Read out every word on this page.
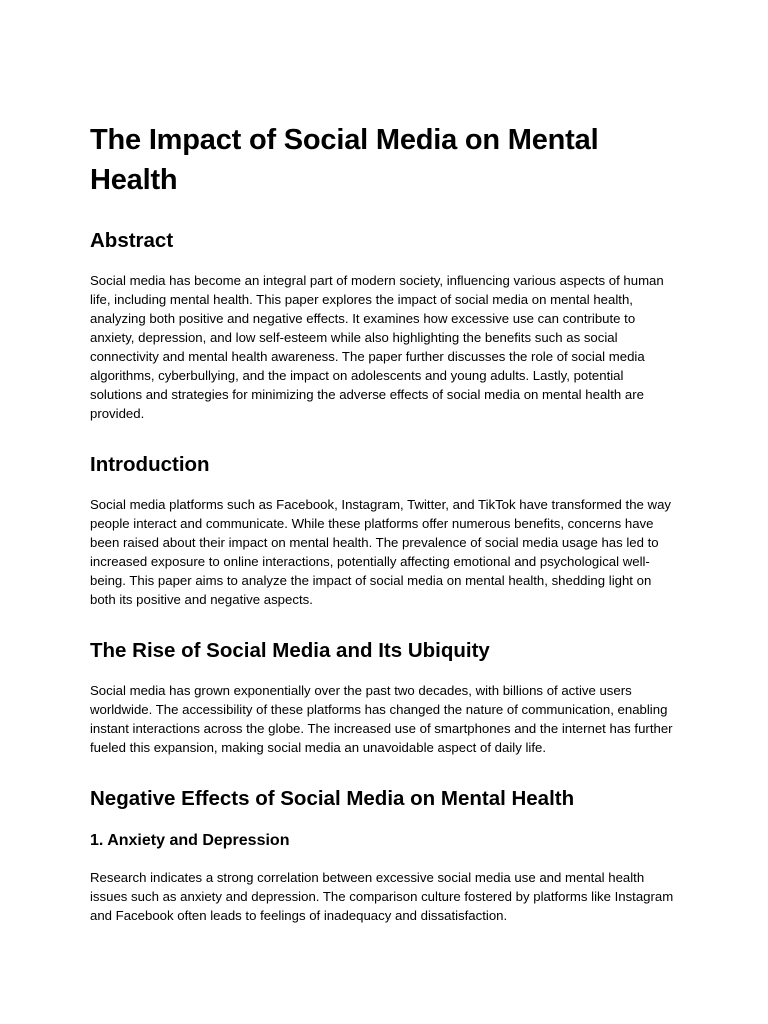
The Impact of Social Media on Mental Health
Abstract

Social media has become an integral part of modern society, influencing various aspects of human life, including mental health. This paper explores the impact of social media on mental health, analyzing both positive and negative effects. It examines how excessive use can contribute to anxiety, depression, and low self-esteem while also highlighting the benefits such as social connectivity and mental health awareness. The paper further discusses the role of social media algorithms, cyberbullying, and the impact on adolescents and young adults. Lastly, potential solutions and strategies for minimizing the adverse effects of social media on mental health are provided.

Introduction

Social media platforms such as Facebook, Instagram, Twitter, and TikTok have transformed the way people interact and communicate. While these platforms offer numerous benefits, concerns have been raised about their impact on mental health. The prevalence of social media usage has led to increased exposure to online interactions, potentially affecting emotional and psychological well-being. This paper aims to analyze the impact of social media on mental health, shedding light on both its positive and negative aspects.

The Rise of Social Media and Its Ubiquity

Social media has grown exponentially over the past two decades, with billions of active users worldwide. The accessibility of these platforms has changed the nature of communication, enabling instant interactions across the globe. The increased use of smartphones and the internet has further fueled this expansion, making social media an unavoidable aspect of daily life.

Negative Effects of Social Media on Mental Health
1. Anxiety and Depression

Research indicates a strong correlation between excessive social media use and mental health issues such as anxiety and depression. The comparison culture fostered by platforms like Instagram and Facebook often leads to feelings of inadequacy and dissatisfaction.
